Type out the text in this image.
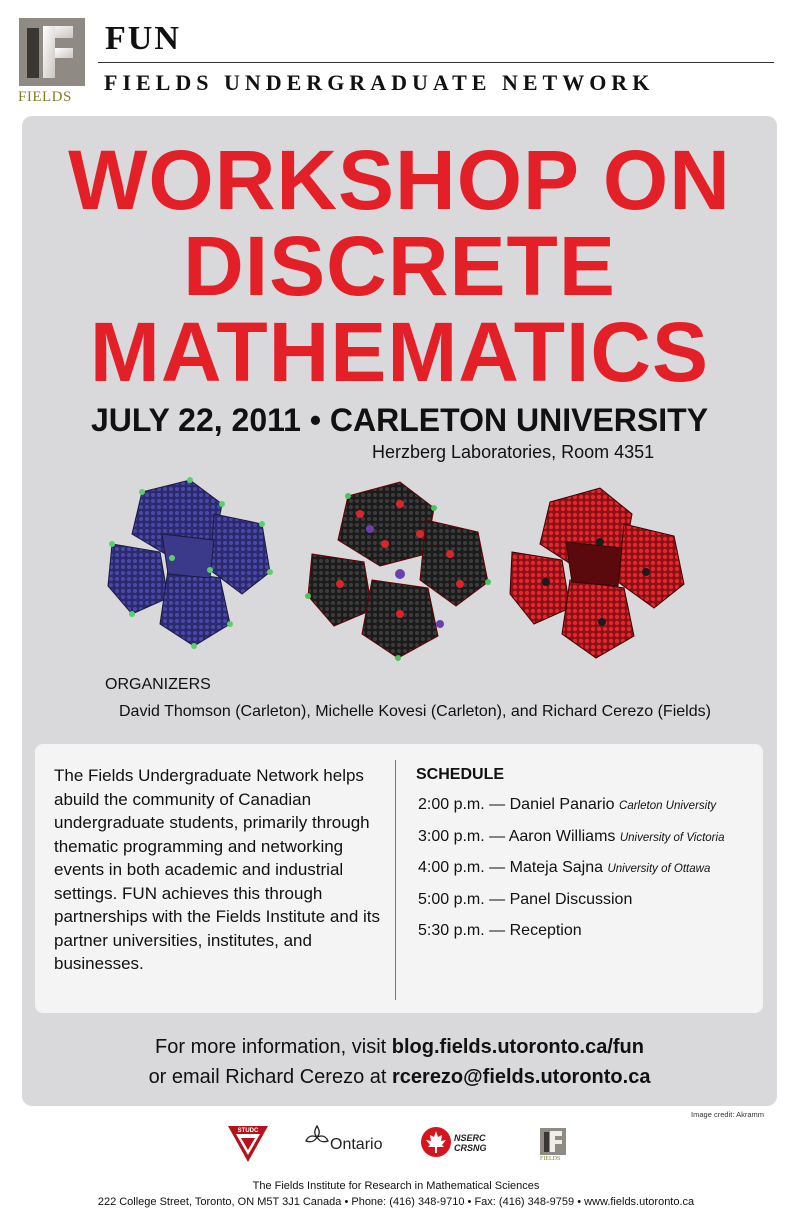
FIELDS
FUN
FIELDS UNDERGRADUATE NETWORK
WORKSHOP ON
DISCRETE
MATHEMATICS
JULY 22, 2011 • CARLETON UNIVERSITY
Herzberg Laboratories, Room 4351
ORGANIZERS
David Thomson (Carleton), Michelle Kovesi (Carleton), and Richard Cerezo (Fields)
The Fields Undergraduate Network helps abuild the community of Canadian undergraduate students, primarily through thematic programming and networking events in both academic and industrial settings. FUN achieves this through partnerships with the Fields Institute and its partner universities, institutes, and businesses.
SCHEDULE
2:00 p.m. — Daniel Panario Carleton University
3:00 p.m. — Aaron Williams University of Victoria
4:00 p.m. — Mateja Sajna University of Ottawa
5:00 p.m. — Panel Discussion
5:30 p.m. — Reception
For more information, visit blog.fields.utoronto.ca/fun
or email Richard Cerezo at rcerezo@fields.utoronto.ca
Image credit: Akramm
STUDC
Ontario	NSERC
CRSNG
FIELDS
The Fields Institute for Research in Mathematical Sciences
222 College Street, Toronto, ON M5T 3J1 Canada • Phone: (416) 348-9710 • Fax: (416) 348-9759 • www.fields.utoronto.ca
